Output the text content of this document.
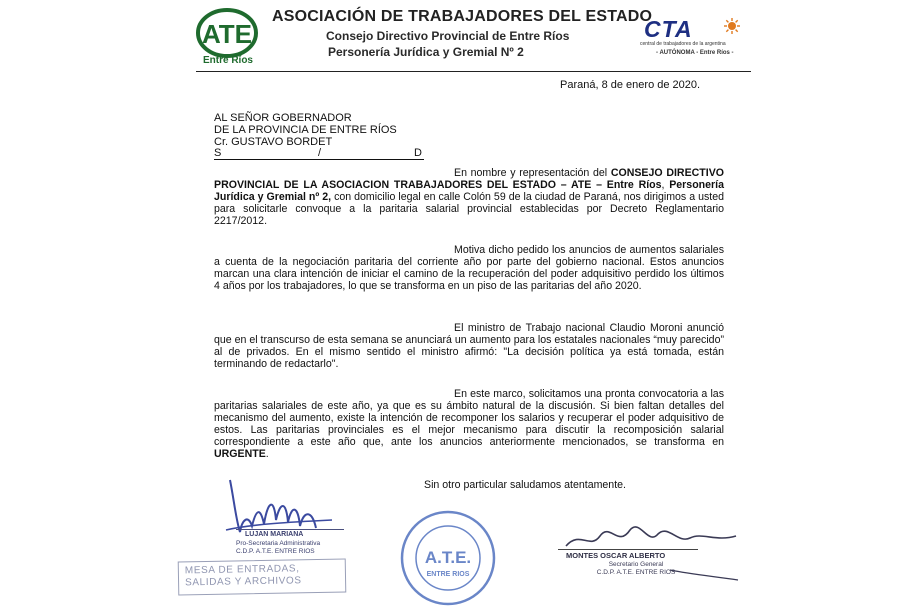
ATE
Entre Ríos
ASOCIACIÓN DE TRABAJADORES DEL ESTADO
Consejo Directivo Provincial de Entre Ríos
Personería Jurídica y Gremial Nº 2
CTA
central de trabajadores de la argentina
- AUTÓNOMA - Entre Ríos -
Paraná, 8 de enero de 2020.
AL SEÑOR GOBERNADOR
DE LA PROVINCIA DE ENTRE RÍOS
Cr. GUSTAVO BORDET
S	/	D

En nombre y representación del CONSEJO DIRECTIVO PROVINCIAL DE LA ASOCIACION TRABAJADORES DEL ESTADO – ATE – Entre Ríos, Personería Jurídica y Gremial nº 2, con domicilio legal en calle Colón 59 de la ciudad de Paraná, nos dirigimos a usted para solicitarle convoque a la paritaria salarial provincial establecidas por Decreto Reglamentario 2217/2012.

Motiva dicho pedido los anuncios de aumentos salariales a cuenta de la negociación paritaria del corriente año por parte del gobierno nacional. Estos anuncios marcan una clara intención de iniciar el camino de la recuperación del poder adquisitivo perdido los últimos 4 años por los trabajadores, lo que se transforma en un piso de las paritarias del año 2020.

El ministro de Trabajo nacional Claudio Moroni anunció que en el transcurso de esta semana se anunciará un aumento para los estatales nacionales “muy parecido” al de privados. En el mismo sentido el ministro afirmó: "La decisión política ya está tomada, están terminando de redactarlo".

En este marco, solicitamos una pronta convocatoria a las paritarias salariales de este año, ya que es su ámbito natural de la discusión. Si bien faltan detalles del mecanismo del aumento, existe la intención de recomponer los salarios y recuperar el poder adquisitivo de estos. Las paritarias provinciales es el mejor mecanismo para discutir la recomposición salarial correspondiente a este año que, ante los anuncios anteriormente mencionados, se transforma en URGENTE.

Sin otro particular saludamos atentamente.

LUJAN MARIANA
Pro-Secretaria Administrativa
C.D.P. A.T.E. ENTRE RIOS
MESA DE ENTRADAS,
SALIDAS Y ARCHIVOS
A.T.E.
ENTRE RIOS
MONTES OSCAR ALBERTO
Secretario General
C.D.P. A.T.E. ENTRE RIOS
